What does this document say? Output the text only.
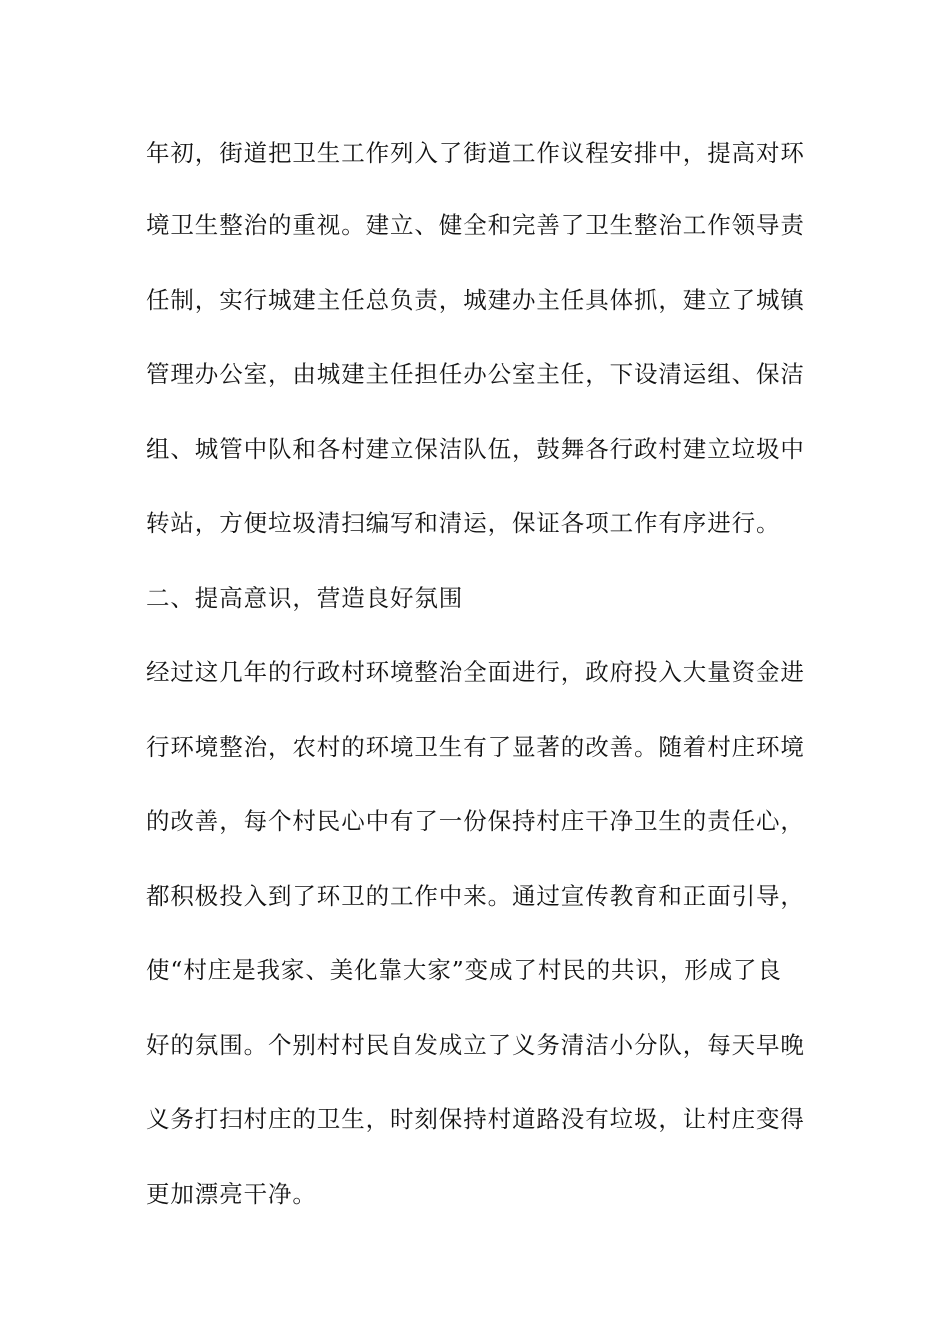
年初，街道把卫生工作列入了街道工作议程安排中，提高对环
境卫生整治的重视。建立、健全和完善了卫生整治工作领导责
任制，实行城建主任总负责，城建办主任具体抓，建立了城镇
管理办公室，由城建主任担任办公室主任，下设清运组、保洁
组、城管中队和各村建立保洁队伍，鼓舞各行政村建立垃圾中
转站，方便垃圾清扫编写和清运，保证各项工作有序进行。
二、提高意识，营造良好氛围
经过这几年的行政村环境整治全面进行，政府投入大量资金进
行环境整治，农村的环境卫生有了显著的改善。随着村庄环境
的改善，每个村民心中有了一份保持村庄干净卫生的责任心，
都积极投入到了环卫的工作中来。通过宣传教育和正面引导，
使“村庄是我家、美化靠大家”变成了村民的共识，形成了良
好的氛围。个别村村民自发成立了义务清洁小分队，每天早晚
义务打扫村庄的卫生，时刻保持村道路没有垃圾，让村庄变得
更加漂亮干净。
